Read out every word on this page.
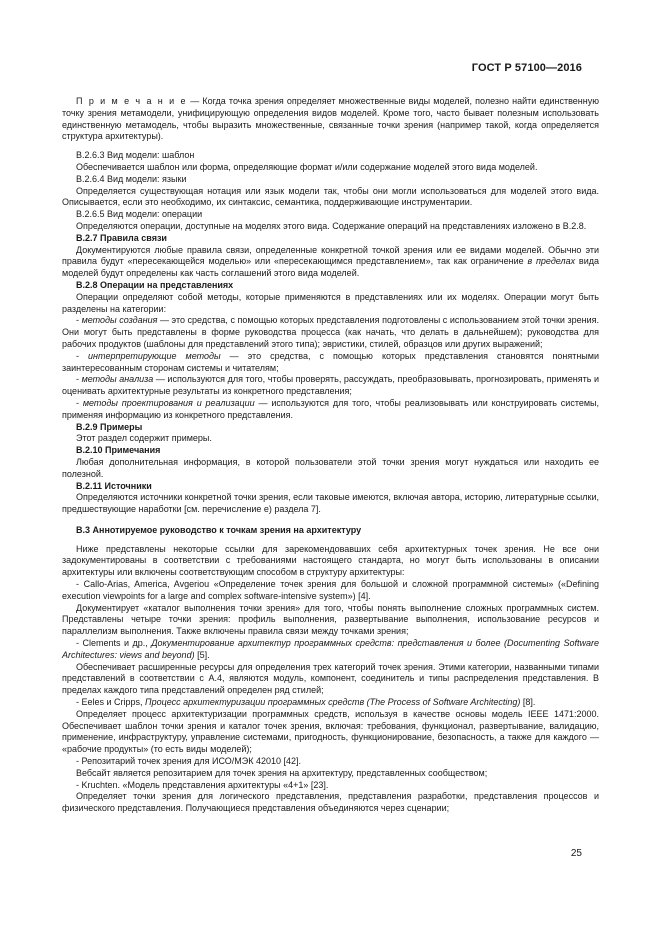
ГОСТ Р 57100—2016

П р и м е ч а н и е — Когда точка зрения определяет множественные виды моделей, полезно найти единственную точку зрения метамодели, унифицирующую определения видов моделей. Кроме того, часто бывает полезным использовать единственную метамодель, чтобы выразить множественные, связанные точки зрения (например такой, когда определяется структура архитектуры).

В.2.6.3 Вид модели: шаблон

Обеспечивается шаблон или форма, определяющие формат и/или содержание моделей этого вида моделей.

В.2.6.4 Вид модели: языки

Определяется существующая нотация или язык модели так, чтобы они могли использоваться для моделей этого вида. Описывается, если это необходимо, их синтаксис, семантика, поддерживающие инструментарии.

В.2.6.5 Вид модели: операции

Определяются операции, доступные на моделях этого вида. Содержание операций на представлениях изложено в В.2.8.

В.2.7 Правила связи

Документируются любые правила связи, определенные конкретной точкой зрения или ее видами моделей. Обычно эти правила будут «пересекающейся моделью» или «пересекающимся представлением», так как ограничение в пределах вида моделей будут определены как часть соглашений этого вида моделей.

В.2.8 Операции на представлениях

Операции определяют собой методы, которые применяются в представлениях или их моделях. Операции могут быть разделены на категории:

- методы создания — это средства, с помощью которых представления подготовлены с использованием этой точки зрения. Они могут быть представлены в форме руководства процесса (как начать, что делать в дальнейшем); руководства для рабочих продуктов (шаблоны для представлений этого типа); эвристики, стилей, образцов или других выражений;

- интерпретирующие методы — это средства, с помощью которых представления становятся понятными заинтересованным сторонам системы и читателям;

- методы анализа — используются для того, чтобы проверять, рассуждать, преобразовывать, прогнозировать, применять и оценивать архитектурные результаты из конкретного представления;

- методы проектирования и реализации — используются для того, чтобы реализовывать или конструировать системы, применяя информацию из конкретного представления.

В.2.9 Примеры

Этот раздел содержит примеры.

В.2.10 Примечания

Любая дополнительная информация, в которой пользователи этой точки зрения могут нуждаться или находить ее полезной.

В.2.11 Источники

Определяются источники конкретной точки зрения, если таковые имеются, включая автора, историю, литературные ссылки, предшествующие наработки [см. перечисление e) раздела 7].

В.3 Аннотируемое руководство к точкам зрения на архитектуру

Ниже представлены некоторые ссылки для зарекомендовавших себя архитектурных точек зрения. Не все они задокументированы в соответствии с требованиями настоящего стандарта, но могут быть использованы в описании архитектуры или включены соответствующим способом в структуру архитектуры:

- Callo-Arias, America, Avgeriou «Определение точек зрения для большой и сложной программной системы» («Defining execution viewpoints for a large and complex software-intensive system») [4].

Документирует «каталог выполнения точки зрения» для того, чтобы понять выполнение сложных программных систем. Представлены четыре точки зрения: профиль выполнения, развертывание выполнения, использование ресурсов и параллелизм выполнения. Также включены правила связи между точками зрения;

- Clements и др., Документирование архитектур программных средств: представления и более (Documenting Software Architectures: views and beyond) [5].

Обеспечивает расширенные ресурсы для определения трех категорий точек зрения. Этими категории, названными типами представлений в соответствии с А.4, являются модуль, компонент, соединитель и типы распределения представления. В пределах каждого типа представлений определен ряд стилей;

- Eeles и Cripps, Процесс архитектуризации программных средств (The Process of Software Architecting) [8].

Определяет процесс архитектуризации программных средств, используя в качестве основы модель IEEE 1471:2000. Обеспечивает шаблон точки зрения и каталог точек зрения, включая: требования, функционал, развертывание, валидацию, применение, инфраструктуру, управление системами, пригодность, функционирование, безопасность, а также для каждого — «рабочие продукты» (то есть виды моделей);

- Репозитарий точек зрения для ИСО/МЭК 42010 [42].

Вебсайт является репозитарием для точек зрения на архитектуру, представленных сообществом;

- Kruchten. «Модель представления архитектуры «4+1» [23].

Определяет точки зрения для логического представления, представления разработки, представления процессов и физического представления. Получающиеся представления объединяются через сценарии;

25
